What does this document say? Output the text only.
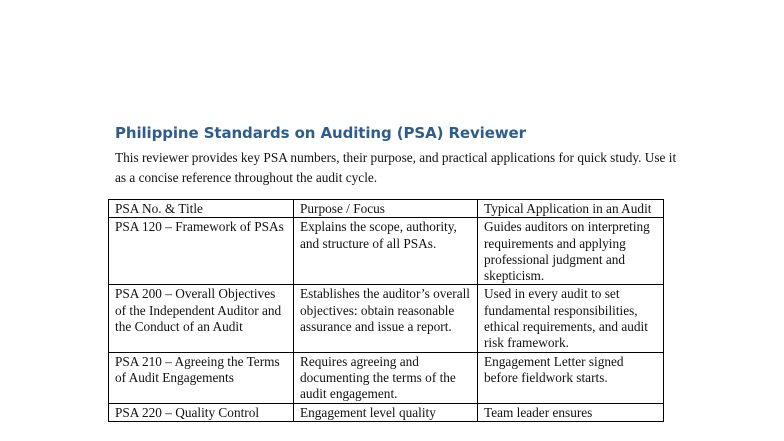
Philippine Standards on Auditing (PSA) Reviewer

This reviewer provides key PSA numbers, their purpose, and practical applications for quick study. Use it as a concise reference throughout the audit cycle.

PSA No. & Title	Purpose / Focus	Typical Application in an Audit
PSA 120 – Framework of PSAs	Explains the scope, authority, and structure of all PSAs.	Guides auditors on interpreting requirements and applying professional judgment and skepticism.
PSA 200 – Overall Objectives of the Independent Auditor and the Conduct of an Audit	Establishes the auditor’s overall objectives: obtain reasonable assurance and issue a report.	Used in every audit to set fundamental responsibilities, ethical requirements, and audit risk framework.
PSA 210 – Agreeing the Terms of Audit Engagements	Requires agreeing and documenting the terms of the audit engagement.	Engagement Letter signed before fieldwork starts.
PSA 220 – Quality Control	Engagement level quality	Team leader ensures
